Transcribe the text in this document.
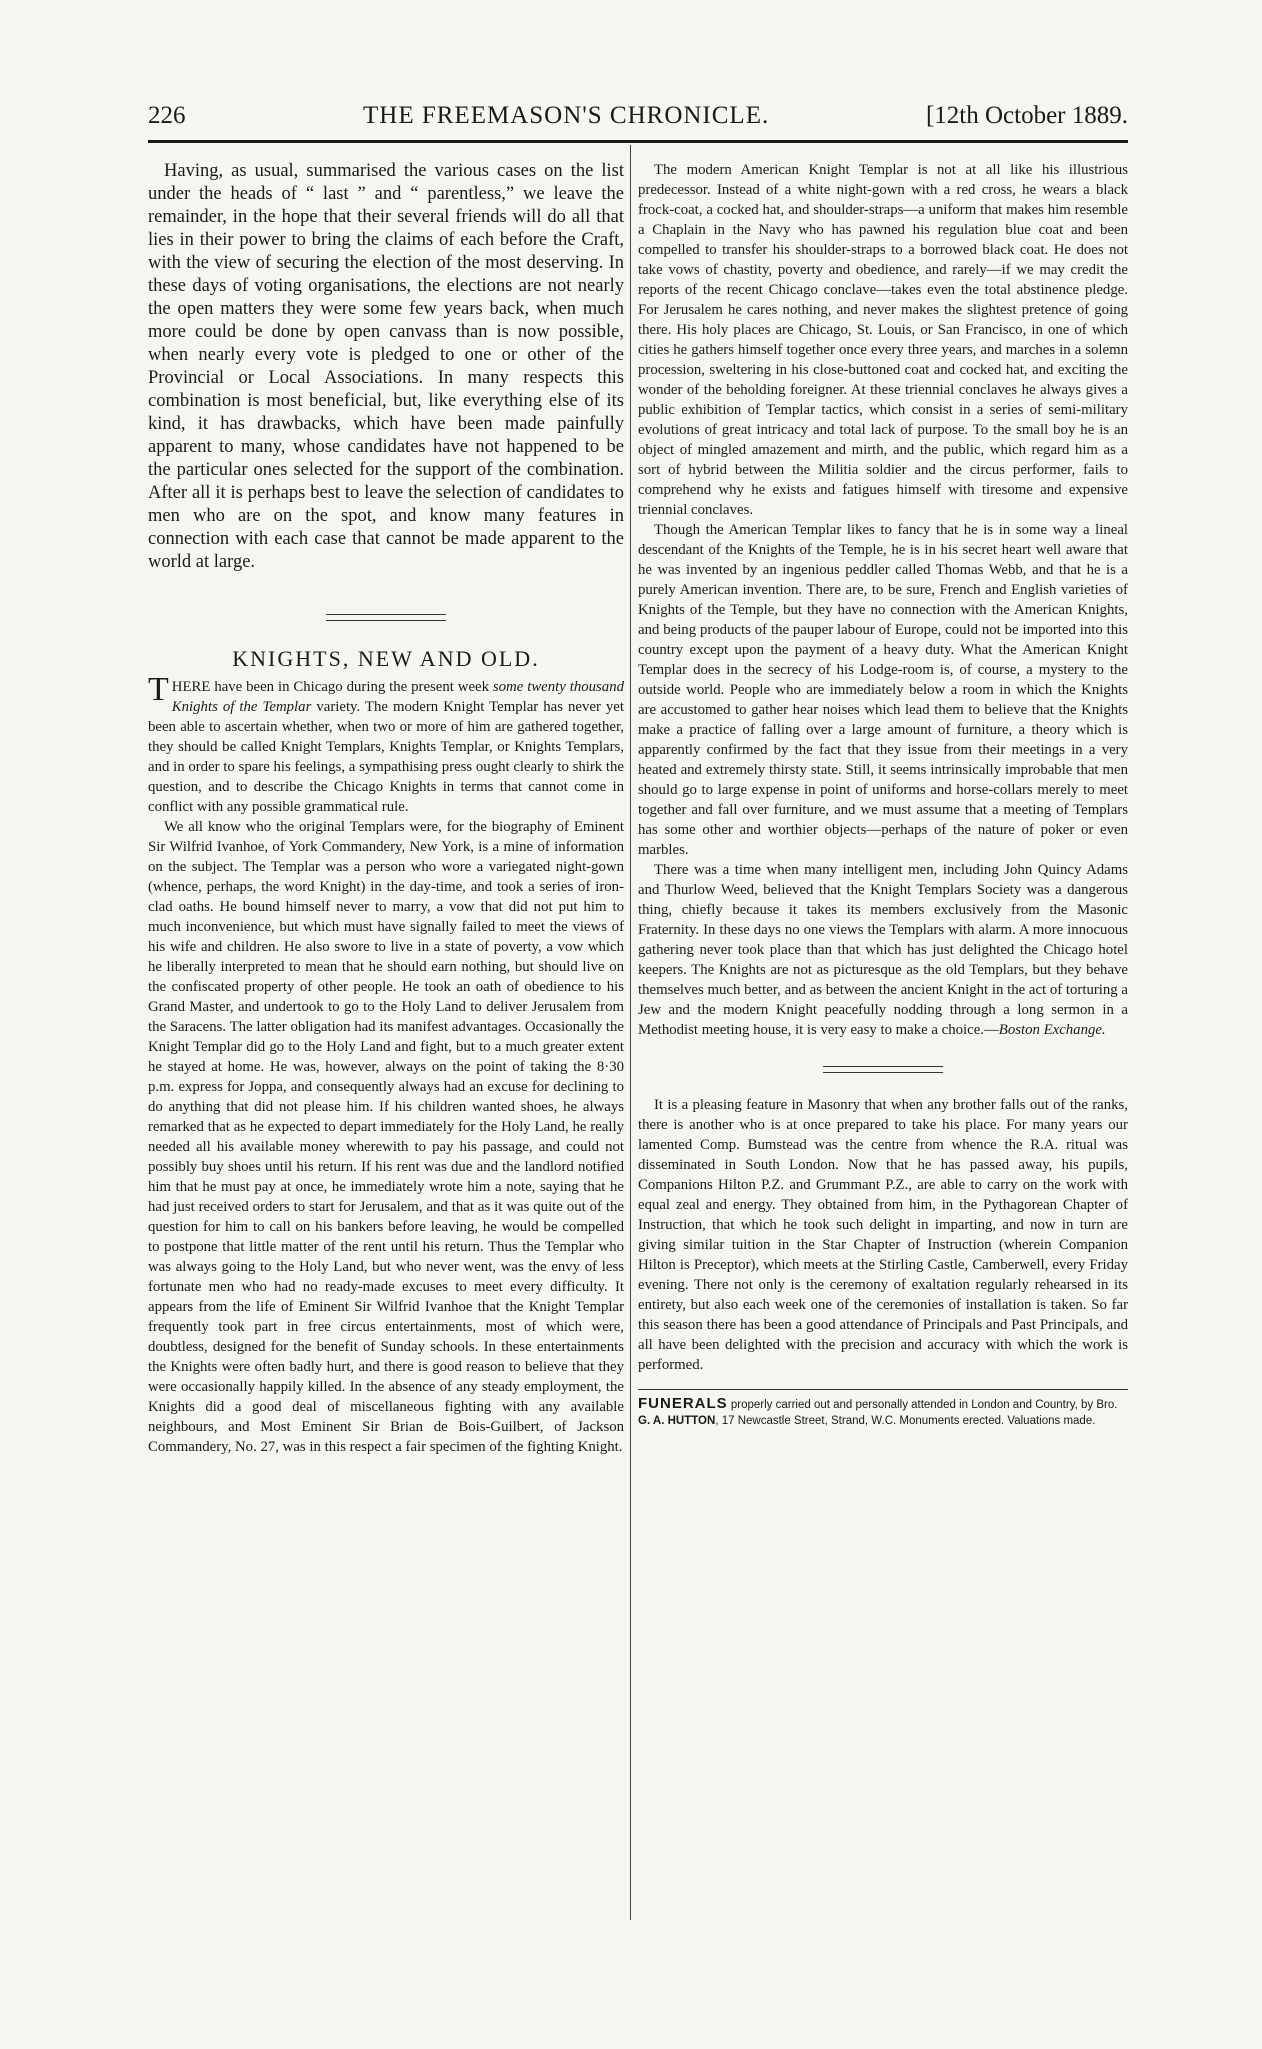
226	THE FREEMASON'S CHRONICLE.	[12th October 1889.

Having, as usual, summarised the various cases on the list under the heads of “ last ” and “ parentless,” we leave the remainder, in the hope that their several friends will do all that lies in their power to bring the claims of each before the Craft, with the view of securing the election of the most deserving. In these days of voting organisations, the elections are not nearly the open matters they were some few years back, when much more could be done by open canvass than is now possible, when nearly every vote is pledged to one or other of the Provincial or Local Associations. In many respects this combination is most beneficial, but, like everything else of its kind, it has drawbacks, which have been made painfully apparent to many, whose candidates have not happened to be the particular ones selected for the support of the combination. After all it is perhaps best to leave the selection of candidates to men who are on the spot, and know many features in connection with each case that cannot be made apparent to the world at large.

KNIGHTS, NEW AND OLD.

THERE have been in Chicago during the present week some twenty thousand Knights of the Templar variety. The modern Knight Templar has never yet been able to ascertain whether, when two or more of him are gathered together, they should be called Knight Templars, Knights Templar, or Knights Templars, and in order to spare his feelings, a sympathising press ought clearly to shirk the question, and to describe the Chicago Knights in terms that cannot come in conflict with any possible grammatical rule.

We all know who the original Templars were, for the biography of Eminent Sir Wilfrid Ivanhoe, of York Commandery, New York, is a mine of information on the subject. The Templar was a person who wore a variegated night-gown (whence, perhaps, the word Knight) in the day-time, and took a series of iron-clad oaths. He bound himself never to marry, a vow that did not put him to much inconvenience, but which must have signally failed to meet the views of his wife and children. He also swore to live in a state of poverty, a vow which he liberally interpreted to mean that he should earn nothing, but should live on the confiscated property of other people. He took an oath of obedience to his Grand Master, and undertook to go to the Holy Land to deliver Jerusalem from the Saracens. The latter obligation had its manifest advantages. Occasionally the Knight Templar did go to the Holy Land and fight, but to a much greater extent he stayed at home. He was, however, always on the point of taking the 8·30 p.m. express for Joppa, and consequently always had an excuse for declining to do anything that did not please him. If his children wanted shoes, he always remarked that as he expected to depart immediately for the Holy Land, he really needed all his available money wherewith to pay his passage, and could not possibly buy shoes until his return. If his rent was due and the landlord notified him that he must pay at once, he immediately wrote him a note, saying that he had just received orders to start for Jerusalem, and that as it was quite out of the question for him to call on his bankers before leaving, he would be compelled to postpone that little matter of the rent until his return. Thus the Templar who was always going to the Holy Land, but who never went, was the envy of less fortunate men who had no ready-made excuses to meet every difficulty. It appears from the life of Eminent Sir Wilfrid Ivanhoe that the Knight Templar frequently took part in free circus entertainments, most of which were, doubtless, designed for the benefit of Sunday schools. In these entertainments the Knights were often badly hurt, and there is good reason to believe that they were occasionally happily killed. In the absence of any steady employment, the Knights did a good deal of miscellaneous fighting with any available neighbours, and Most Eminent Sir Brian de Bois-Guilbert, of Jackson Commandery, No. 27, was in this respect a fair specimen of the fighting Knight.

The modern American Knight Templar is not at all like his illustrious predecessor. Instead of a white night-gown with a red cross, he wears a black frock-coat, a cocked hat, and shoulder-straps—a uniform that makes him resemble a Chaplain in the Navy who has pawned his regulation blue coat and been compelled to transfer his shoulder-straps to a borrowed black coat. He does not take vows of chastity, poverty and obedience, and rarely—if we may credit the reports of the recent Chicago conclave—takes even the total abstinence pledge. For Jerusalem he cares nothing, and never makes the slightest pretence of going there. His holy places are Chicago, St. Louis, or San Francisco, in one of which cities he gathers himself together once every three years, and marches in a solemn procession, sweltering in his close-buttoned coat and cocked hat, and exciting the wonder of the beholding foreigner. At these triennial conclaves he always gives a public exhibition of Templar tactics, which consist in a series of semi-military evolutions of great intricacy and total lack of purpose. To the small boy he is an object of mingled amazement and mirth, and the public, which regard him as a sort of hybrid between the Militia soldier and the circus performer, fails to comprehend why he exists and fatigues himself with tiresome and expensive triennial conclaves.

Though the American Templar likes to fancy that he is in some way a lineal descendant of the Knights of the Temple, he is in his secret heart well aware that he was invented by an ingenious peddler called Thomas Webb, and that he is a purely American invention. There are, to be sure, French and English varieties of Knights of the Temple, but they have no connection with the American Knights, and being products of the pauper labour of Europe, could not be imported into this country except upon the payment of a heavy duty. What the American Knight Templar does in the secrecy of his Lodge-room is, of course, a mystery to the outside world. People who are immediately below a room in which the Knights are accustomed to gather hear noises which lead them to believe that the Knights make a practice of falling over a large amount of furniture, a theory which is apparently confirmed by the fact that they issue from their meetings in a very heated and extremely thirsty state. Still, it seems intrinsically improbable that men should go to large expense in point of uniforms and horse-collars merely to meet together and fall over furniture, and we must assume that a meeting of Templars has some other and worthier objects—perhaps of the nature of poker or even marbles.

There was a time when many intelligent men, including John Quincy Adams and Thurlow Weed, believed that the Knight Templars Society was a dangerous thing, chiefly because it takes its members exclusively from the Masonic Fraternity. In these days no one views the Templars with alarm. A more innocuous gathering never took place than that which has just delighted the Chicago hotel keepers. The Knights are not as picturesque as the old Templars, but they behave themselves much better, and as between the ancient Knight in the act of torturing a Jew and the modern Knight peacefully nodding through a long sermon in a Methodist meeting house, it is very easy to make a choice.—Boston Exchange.

It is a pleasing feature in Masonry that when any brother falls out of the ranks, there is another who is at once prepared to take his place. For many years our lamented Comp. Bumstead was the centre from whence the R.A. ritual was disseminated in South London. Now that he has passed away, his pupils, Companions Hilton P.Z. and Grummant P.Z., are able to carry on the work with equal zeal and energy. They obtained from him, in the Pythagorean Chapter of Instruction, that which he took such delight in imparting, and now in turn are giving similar tuition in the Star Chapter of Instruction (wherein Companion Hilton is Preceptor), which meets at the Stirling Castle, Camberwell, every Friday evening. There not only is the ceremony of exaltation regularly rehearsed in its entirety, but also each week one of the ceremonies of installation is taken. So far this season there has been a good attendance of Principals and Past Principals, and all have been delighted with the precision and accuracy with which the work is performed.

FUNERALS properly carried out and personally attended in London and Country, by Bro. G. A. HUTTON, 17 Newcastle Street, Strand, W.C. Monuments erected. Valuations made.
